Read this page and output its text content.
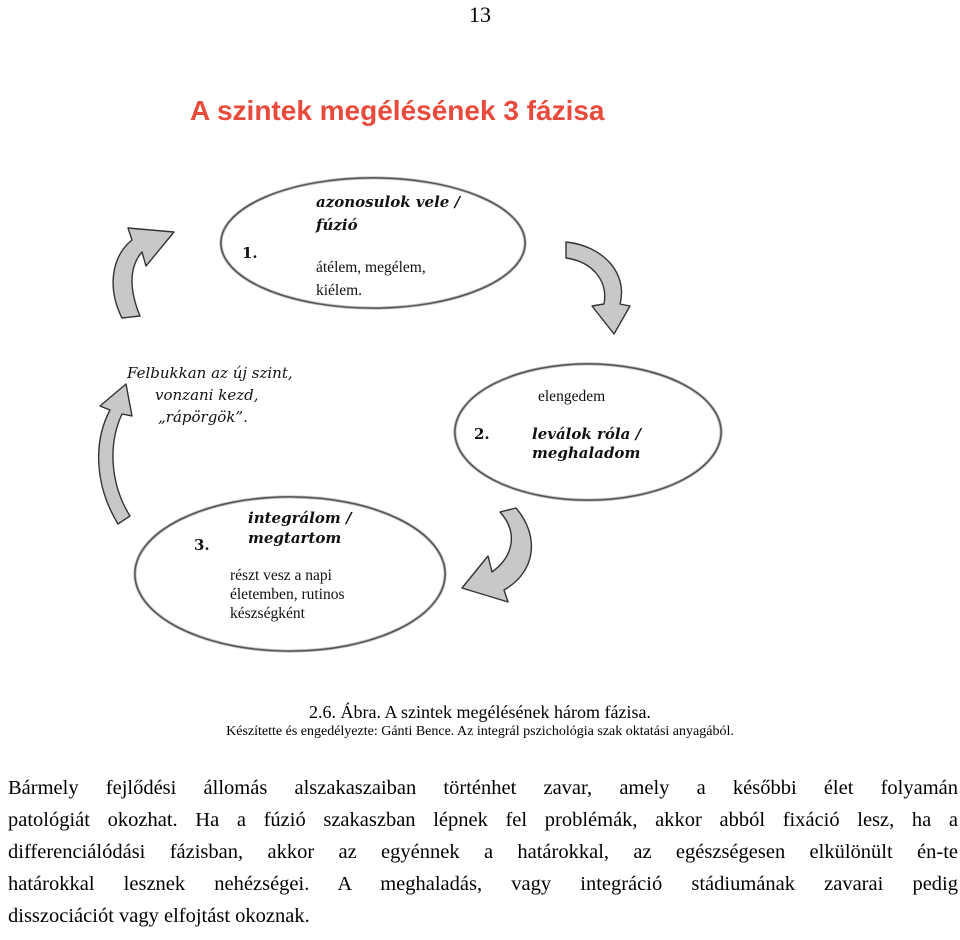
13
A szintek megélésének 3 fázisa
1.
azonosulok vele /
fúzió
átélem, megélem,
kiélem.
Felbukkan az új szint,
vonzani kezd,
„rápörgök”.
elengedem
2.	leválok róla /
meghaladom
3.
integrálom /
megtartom
részt vesz a napi
életemben, rutinos
készségként
2.6. Ábra. A szintek megélésének három fázisa.
Készítette és engedélyezte: Gánti Bence. Az integrál pszichológia szak oktatási anyagából.
Bármely fejlődési állomás alszakaszaiban történhet zavar, amely a későbbi élet folyamán
patológiát okozhat. Ha a fúzió szakaszban lépnek fel problémák, akkor abból fixáció lesz, ha a
differenciálódási fázisban, akkor az egyénnek a határokkal, az egészségesen elkülönült én-te
határokkal lesznek nehézségei. A meghaladás, vagy integráció stádiumának zavarai pedig
disszociációt vagy elfojtást okoznak.
